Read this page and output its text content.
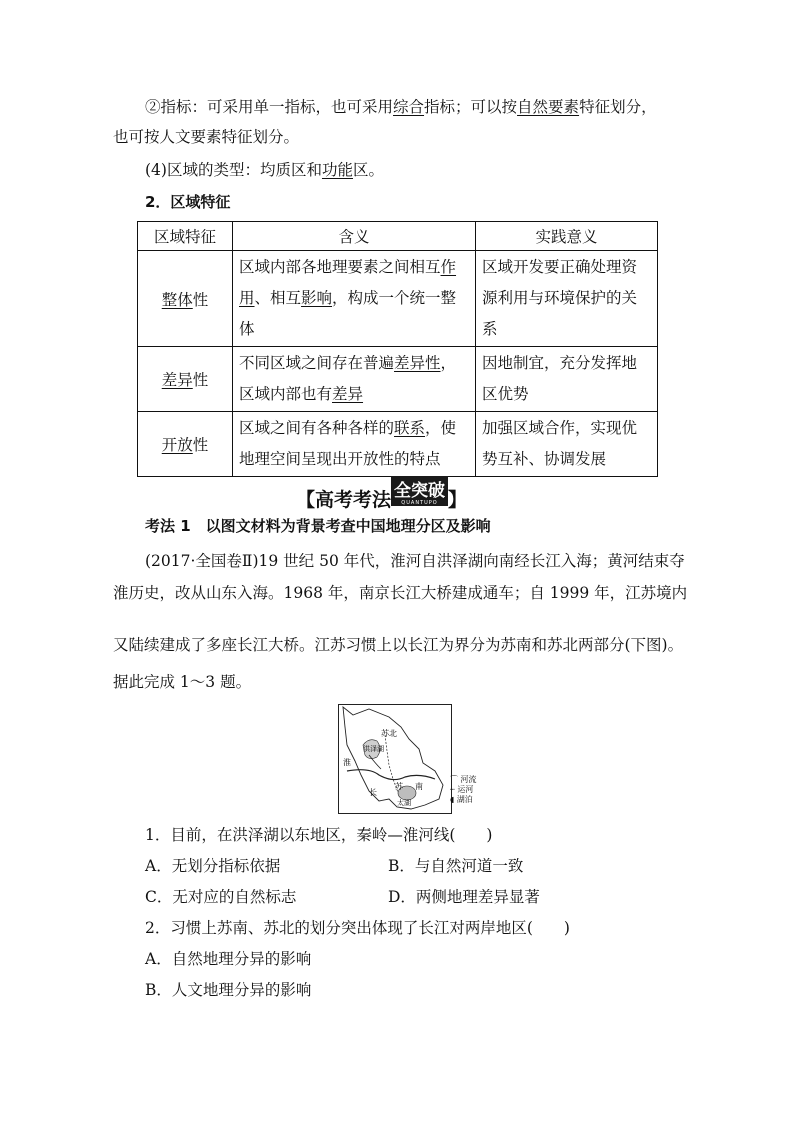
②指标：可采用单一指标，也可采用综合指标；可以按自然要素特征划分，
也可按人文要素特征划分。
(4)区域的类型：均质区和功能区。
2．区域特征
区域特征	含义	实践意义
整体性	区域内部各地理要素之间相互作用、相互影响，构成一个统一整体	区域开发要正确处理资源利用与环境保护的关系
差异性	不同区域之间存在普遍差异性，区域内部也有差异	因地制宜，充分发挥地区优势
开放性	区域之间有各种各样的联系，使地理空间呈现出开放性的特点	加强区域合作，实现优势互补、协调发展
【高考考法 全突破
QUANTUPO 】
考法 1　以图文材料为背景考查中国地理分区及影响
(2017·全国卷Ⅱ)19 世纪 50 年代，淮河自洪泽湖向南经长江入海；黄河结束夺
淮历史，改从山东入海。1968 年，南京长江大桥建成通车；自 1999 年，江苏境内
又陆续建成了多座长江大桥。江苏习惯上以长江为界分为苏南和苏北两部分(下图)。
据此完成 1～3 题。
苏北
洪泽湖
淮
苏 南
长
太湖
⌒ 河流
┄ 运河
◖ 湖泊
1．目前，在洪泽湖以东地区，秦岭—淮河线(　　)
A．无划分指标依据	B．与自然河道一致
C．无对应的自然标志	D．两侧地理差异显著
2．习惯上苏南、苏北的划分突出体现了长江对两岸地区(　　)
A．自然地理分异的影响
B．人文地理分异的影响
